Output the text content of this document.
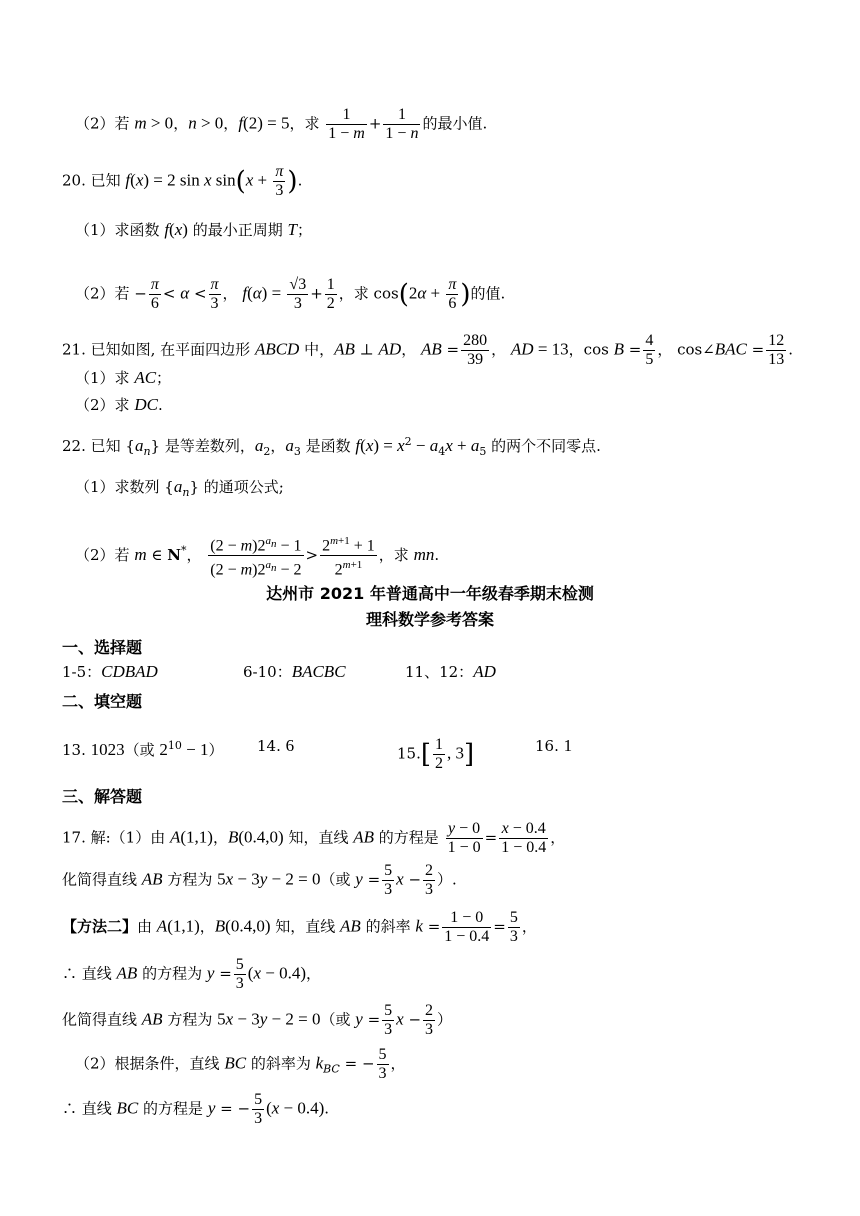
（2）若 m > 0，n > 0，f(2) = 5，求 $\frac{1}{1 - m} + \frac{1}{1 - n}$ 的最小值.
20. 已知 f(x) = 2 sin x $\sin(x + \frac{\pi}{3}$ ).
（1）求函数 f(x) 的最小正周期 T；
（2）若 − $\frac{\pi}{6} < \alpha < \frac{\pi}{3}$ ， $f(\alpha) = \frac{√3}{3} + \frac{1}{2}$ ，求 $\cos(2\alpha + \frac{\pi}{6}$ )的值.
21. 已知如图, 在平面四边形 ABCD 中，AB ⊥ AD， AB = $\frac{280}{39}$ ， AD = 13，$\cos B = \frac{4}{5}$ ， cos∠BAC = $\frac{12}{13}$ .
（1）求 AC；
（2）求 DC.
22. 已知 $\{a_n\}$ 是等差数列，$a_2$，$a_3$ 是函数 $f(x) = x^2 - a_4x + a_5$ 的两个不同零点.
（1）求数列 $\{a_n\}$ 的通项公式;
（2）若 m ∈ N*， $\frac{(2 - m)2^{a_n} - 1}{(2 - m)2^{a_n} - 2} > \frac{2^{m+1} + 1}{2^{m+1}}$ ，求 mn.
达州市 2021 年普通高中一年级春季期末检测
理科数学参考答案
一、选择题
1-5：CDBAD	6-10：BACBC	11、12：AD
二、填空题
13. 1023（或 $2^{10} - 1$） 14. 6	$15.[ \frac{1}{2}$ , 3]	16. 1
三、解答题
17. 解:（1）由 A(1,1)，B(0.4,0) 知，直线 AB 的方程是 $\frac{y - 0}{1 - 0} = \frac{x - 0.4}{1 - 0.4}$ ，
化简得直线 AB 方程为 5x − 3y − 2 = 0（或 $y = \frac{5}{3}$ $x - \frac{2}{3}$ ）.
【方法二】由 A(1,1)，B(0.4,0) 知，直线 AB 的斜率 $k = \frac{1 - 0}{1 - 0.4} = \frac{5}{3}$ ，
∴ 直线 AB 的方程为 $y = \frac{5}{3} (x - 0.4)$，
化简得直线 AB 方程为 5x − 3y − 2 = 0（或 $y = \frac{5}{3}$ $x - \frac{2}{3}$ ）
（2）根据条件，直线 BC 的斜率为 $k_{BC}$ = − $\frac{5}{3}$ ，
∴ 直线 BC 的方程是 y = − $\frac{5}{3} (x - 0.4)$.
